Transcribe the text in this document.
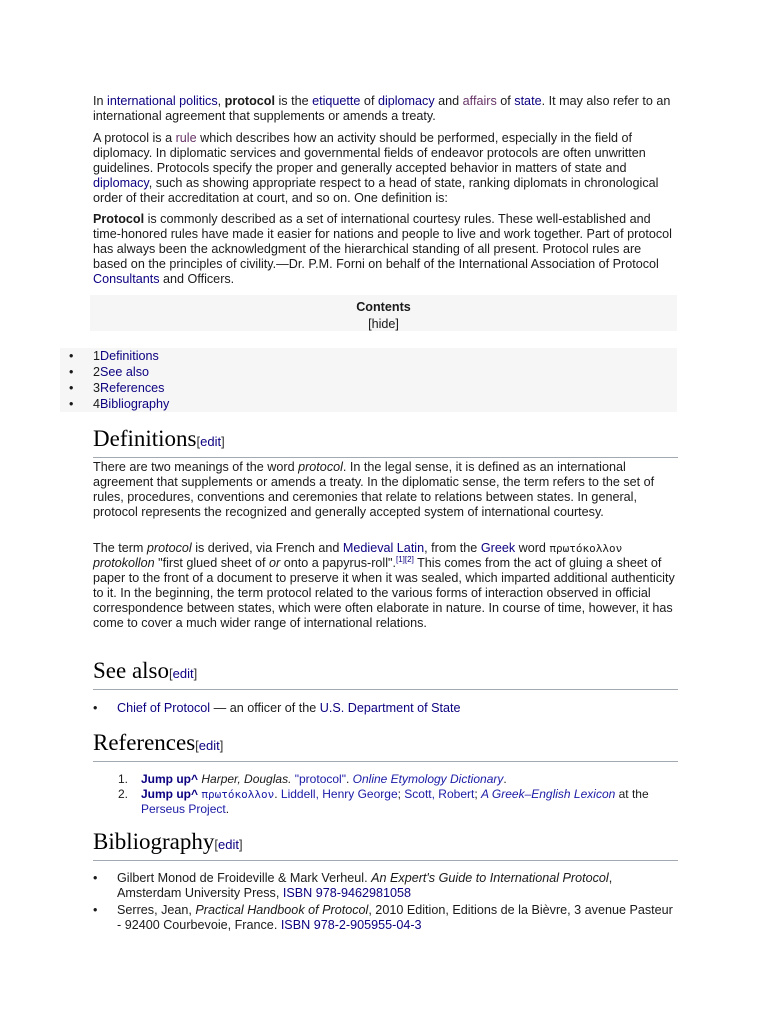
In international politics, protocol is the etiquette of diplomacy and affairs of state. It may also refer to an international agreement that supplements or amends a treaty.

A protocol is a rule which describes how an activity should be performed, especially in the field of diplomacy. In diplomatic services and governmental fields of endeavor protocols are often unwritten guidelines. Protocols specify the proper and generally accepted behavior in matters of state and diplomacy, such as showing appropriate respect to a head of state, ranking diplomats in chronological order of their accreditation at court, and so on. One definition is:

Protocol is commonly described as a set of international courtesy rules. These well-established and time-honored rules have made it easier for nations and people to live and work together. Part of protocol has always been the acknowledgment of the hierarchical standing of all present. Protocol rules are based on the principles of civility.—Dr. P.M. Forni on behalf of the International Association of Protocol Consultants and Officers.

Contents
[hide]
• 1Definitions
• 2See also
• 3References
• 4Bibliography
Definitions[edit]

There are two meanings of the word protocol. In the legal sense, it is defined as an international agreement that supplements or amends a treaty. In the diplomatic sense, the term refers to the set of rules, procedures, conventions and ceremonies that relate to relations between states. In general, protocol represents the recognized and generally accepted system of international courtesy.

The term protocol is derived, via French and Medieval Latin, from the Greek word πρωτόκολλον protokollon "first glued sheet of or onto a papyrus-roll".[1][2] This comes from the act of gluing a sheet of paper to the front of a document to preserve it when it was sealed, which imparted additional authenticity to it. In the beginning, the term protocol related to the various forms of interaction observed in official correspondence between states, which were often elaborate in nature. In course of time, however, it has come to cover a much wider range of international relations.

See also[edit]
• Chief of Protocol — an officer of the U.S. Department of State
References[edit]
1. Jump up^ Harper, Douglas. "protocol". Online Etymology Dictionary.
2. Jump up^ πρωτόκολλον. Liddell, Henry George; Scott, Robert; A Greek–English Lexicon at the Perseus Project.
Bibliography[edit]
• Gilbert Monod de Froideville & Mark Verheul. An Expert's Guide to International Protocol, Amsterdam University Press, ISBN 978-9462981058
• Serres, Jean, Practical Handbook of Protocol, 2010 Edition, Editions de la Bièvre, 3 avenue Pasteur - 92400 Courbevoie, France. ISBN 978-2-905955-04-3
